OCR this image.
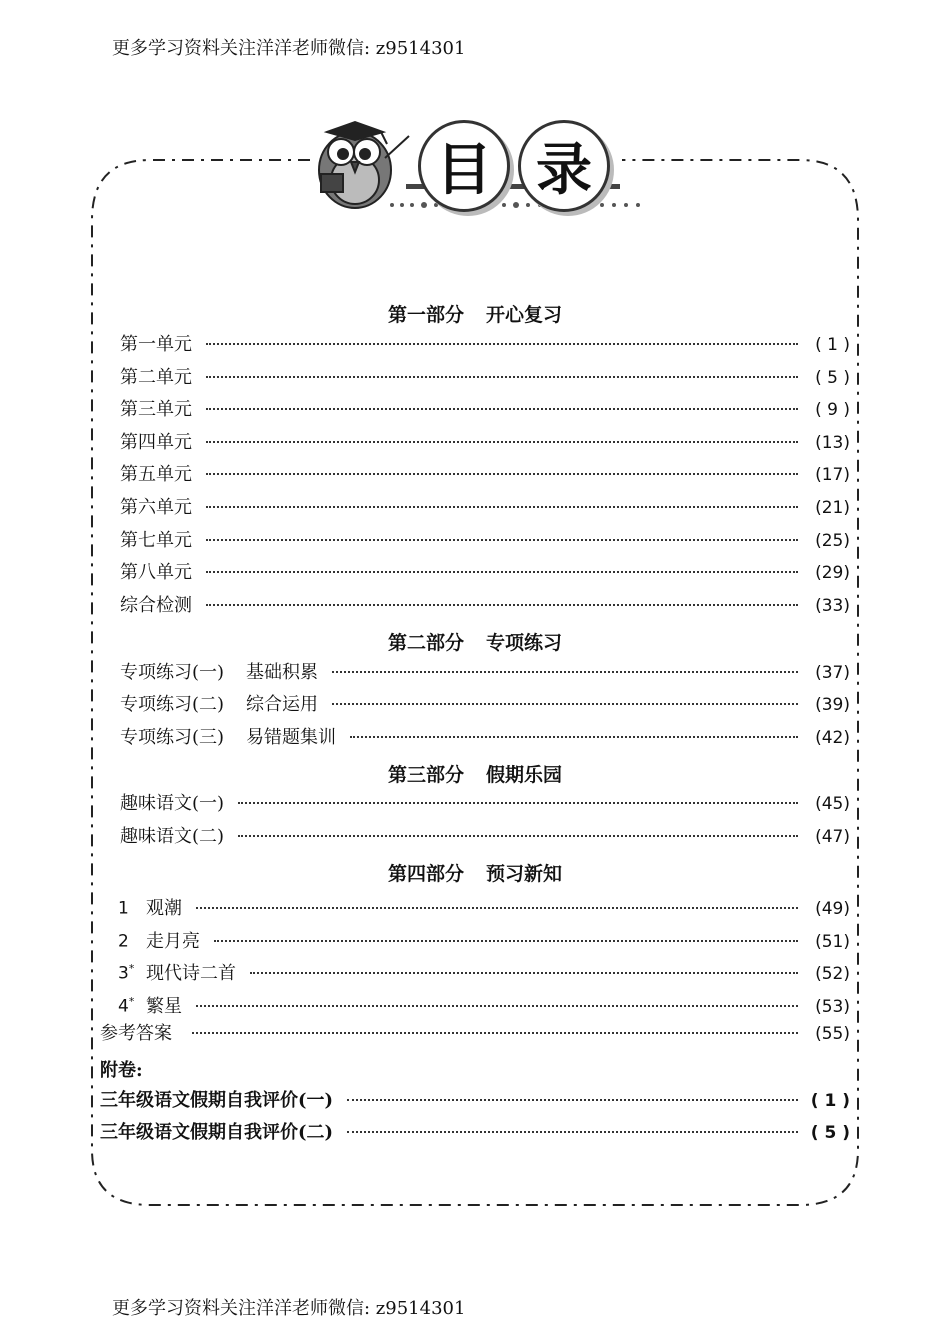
更多学习资料关注洋洋老师微信: z9514301
目 录
第一部分 开心复习
第一单元	( 1 )
第二单元	( 5 )
第三单元	( 9 )
第四单元	(13)
第五单元	(17)
第六单元	(21)
第七单元	(25)
第八单元	(29)
综合检测	(33)
第二部分 专项练习
专项练习(一) 基础积累	(37)
专项练习(二) 综合运用	(39)
专项练习(三) 易错题集训	(42)
第三部分 假期乐园
趣味语文(一)	(45)
趣味语文(二)	(47)
第四部分 预习新知
1 观潮	(49)
2 走月亮	(51)
3* 现代诗二首	(52)
4* 繁星	(53)
参考答案	(55)
附卷:
三年级语文假期自我评价(一)	( 1 )
三年级语文假期自我评价(二)	( 5 )
更多学习资料关注洋洋老师微信: z9514301
